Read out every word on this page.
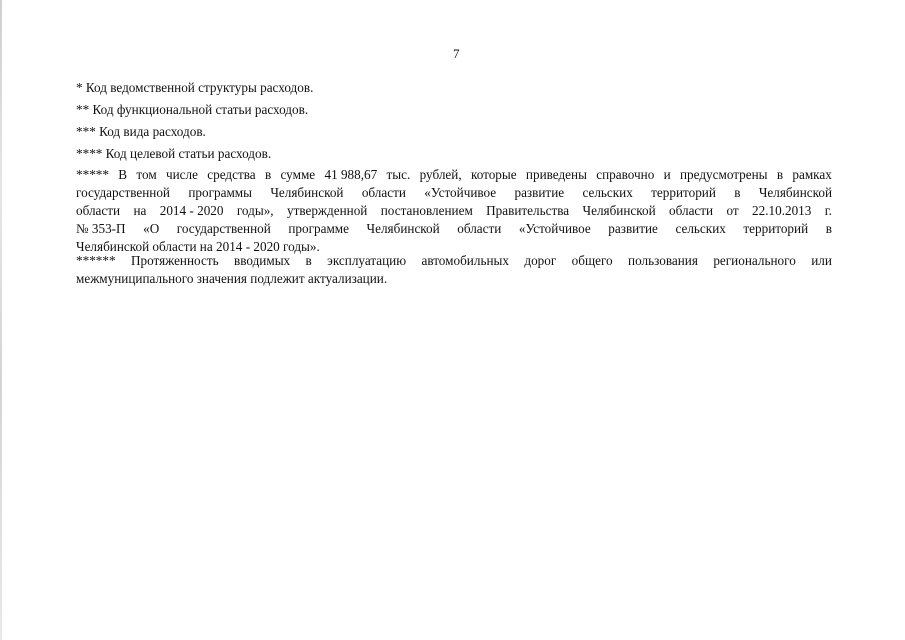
7
* Код ведомственной структуры расходов.
** Код функциональной статьи расходов.
*** Код вида расходов.
**** Код целевой статьи расходов.
***** В том числе средства в сумме 41 988,67 тыс. рублей, которые приведены справочно и предусмотрены в рамках
государственной программы Челябинской области «Устойчивое развитие сельских территорий в Челябинской
области на 2014 - 2020 годы», утвержденной постановлением Правительства Челябинской области от 22.10.2013 г.
№ 353-П «О государственной программе Челябинской области «Устойчивое развитие сельских территорий в
Челябинской области на 2014 - 2020 годы».
****** Протяженность вводимых в эксплуатацию автомобильных дорог общего пользования регионального или
межмуниципального значения подлежит актуализации.
